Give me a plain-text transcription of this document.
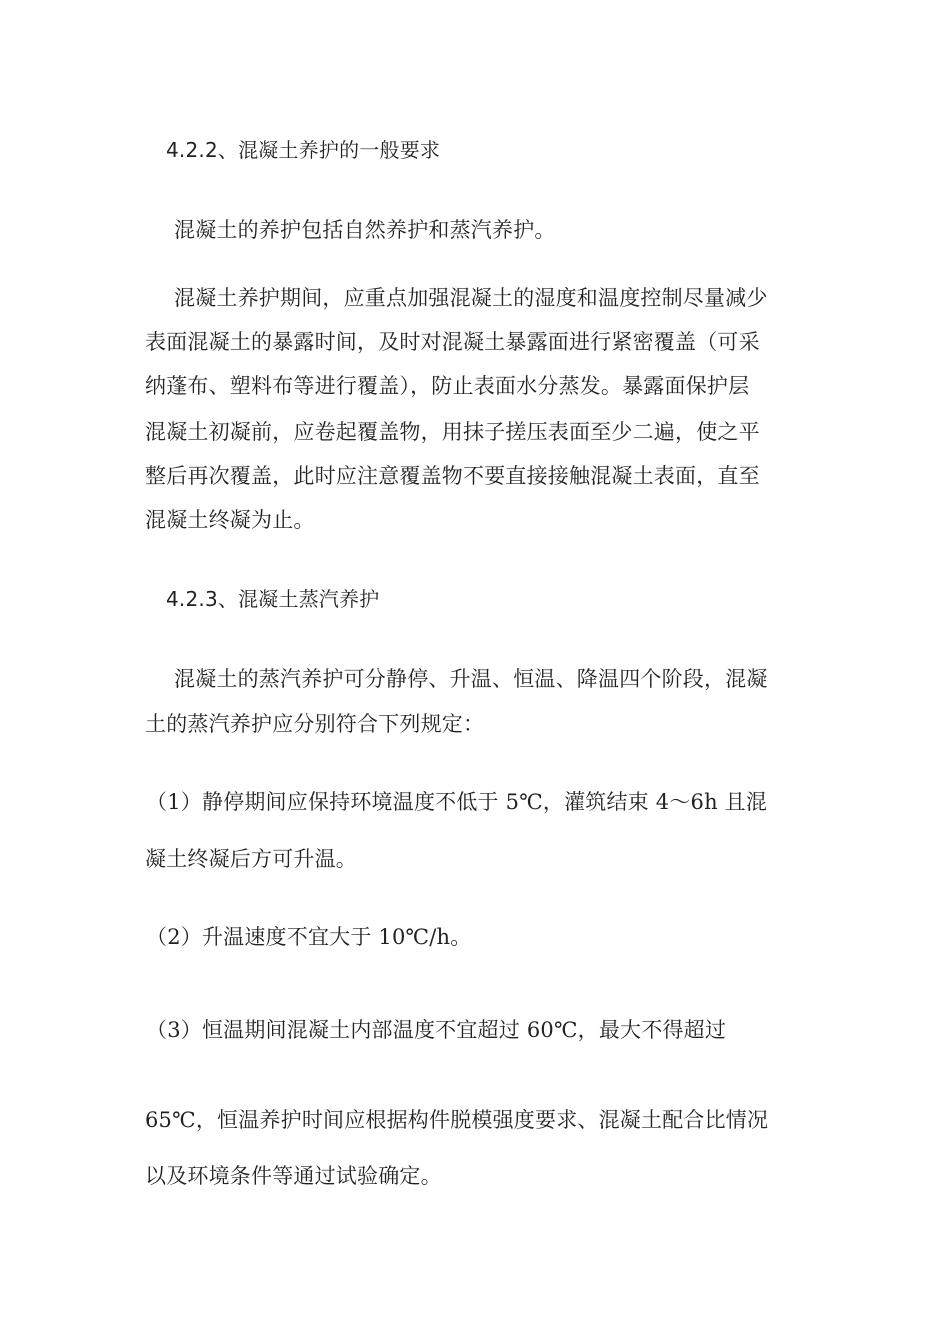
4.2.2、混凝土养护的一般要求
混凝土的养护包括自然养护和蒸汽养护。
混凝土养护期间，应重点加强混凝土的湿度和温度控制尽量减少
表面混凝土的暴露时间，及时对混凝土暴露面进行紧密覆盖（可采
纳蓬布、塑料布等进行覆盖），防止表面水分蒸发。暴露面保护层
混凝土初凝前，应卷起覆盖物，用抹子搓压表面至少二遍，使之平
整后再次覆盖，此时应注意覆盖物不要直接接触混凝土表面，直至
混凝土终凝为止。
4.2.3、混凝土蒸汽养护
混凝土的蒸汽养护可分静停、升温、恒温、降温四个阶段，混凝
土的蒸汽养护应分别符合下列规定：
（1）静停期间应保持环境温度不低于 5℃，灌筑结束 4～6h 且混
凝土终凝后方可升温。
（2）升温速度不宜大于 10℃/h。
（3）恒温期间混凝土内部温度不宜超过 60℃，最大不得超过
65℃，恒温养护时间应根据构件脱模强度要求、混凝土配合比情况
以及环境条件等通过试验确定。
